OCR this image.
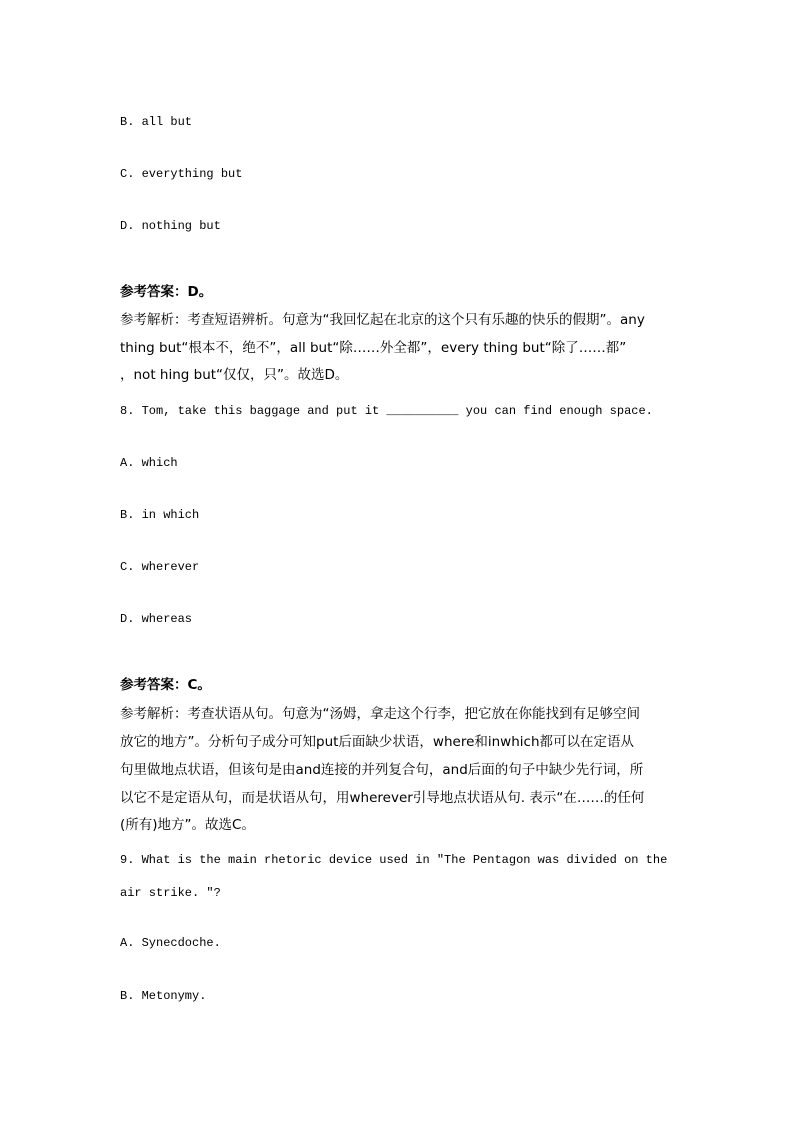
B. all but
C. everything but
D. nothing but
参考答案：D。
参考解析：考查短语辨析。句意为“我回忆起在北京的这个只有乐趣的快乐的假期”。any
thing but“根本不，绝不”，all but“除……外全都”，every thing but“除了……都”
，not hing but“仅仅，只”。故选D。
8. Tom, take this baggage and put it __________ you can find enough space.
A. which
B. in which
C. wherever
D. whereas
参考答案：C。
参考解析：考查状语从句。句意为“汤姆，拿走这个行李，把它放在你能找到有足够空间
放它的地方”。分析句子成分可知put后面缺少状语，where和inwhich都可以在定语从
句里做地点状语，但该句是由and连接的并列复合句，and后面的句子中缺少先行词，所
以它不是定语从句，而是状语从句，用wherever引导地点状语从句. 表示“在……的任何
(所有)地方”。故选C。
9. What is the main rhetoric device used in "The Pentagon was divided on the
air strike. "?
A. Synecdoche.
B. Metonymy.
